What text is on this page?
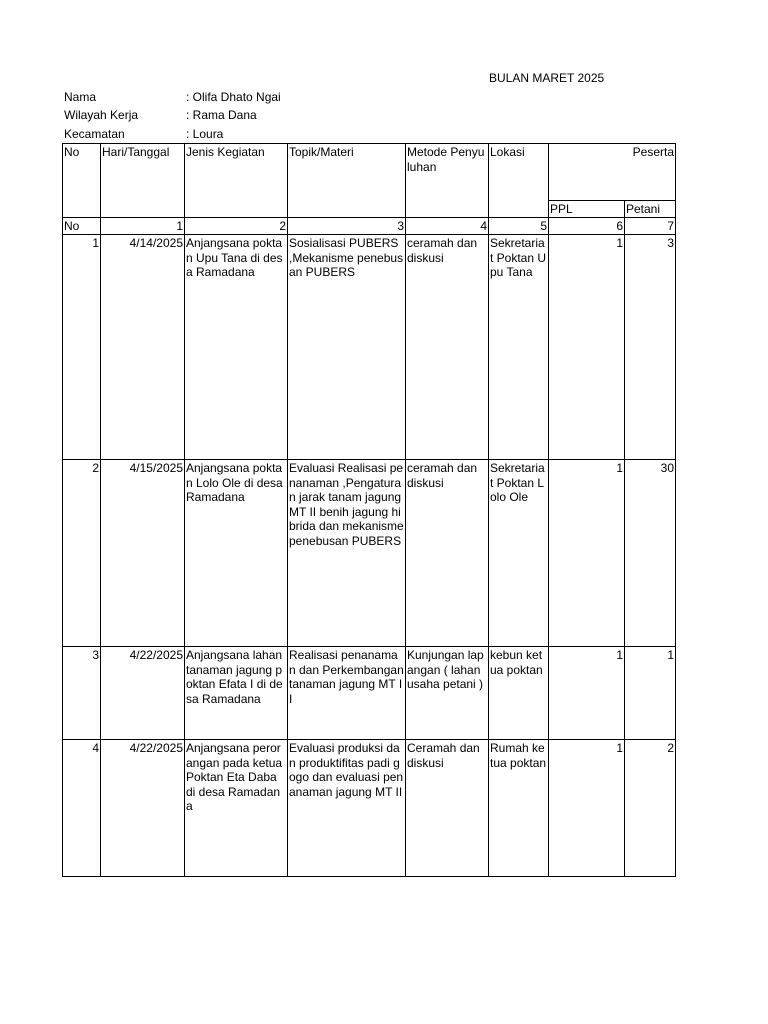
BULAN MARET 2025
Nama	: Olifa Dhato Ngai
Wilayah Kerja	: Rama Dana
Kecamatan	: Loura
No	Hari/Tanggal	Jenis Kegiatan	Topik/Materi	Metode Penyuluhan	Lokasi	Peserta	
						PPL	Petani
No	1	2	3	4	5	6	7
1	4/14/2025	Anjangsana poktan Upu Tana di desa Ramadana	Sosialisasi PUBERS ,Mekanisme penebusan PUBERS	ceramah dan diskusi	Sekretariat Poktan Upu Tana	1	3
2	4/15/2025	Anjangsana poktan Lolo Ole di desa Ramadana	Evaluasi Realisasi penanaman ,Pengaturan jarak tanam jagung MT II benih jagung hibrida dan mekanisme penebusan PUBERS	ceramah dan diskusi	Sekretariat Poktan Lolo Ole	1	30
3	4/22/2025	Anjangsana lahan tanaman jagung poktan Efata I di desa Ramadana	Realisasi penanaman dan Perkembangan tanaman jagung MT II	Kunjungan lapangan ( lahan usaha petani )	kebun ketua poktan	1	1
4	4/22/2025	Anjangsana perorangan pada ketua Poktan Eta Daba di desa Ramadana	Evaluasi produksi dan produktifitas padi gogo dan evaluasi penanaman jagung MT II	Ceramah dan diskusi	Rumah ketua poktan	1	2
